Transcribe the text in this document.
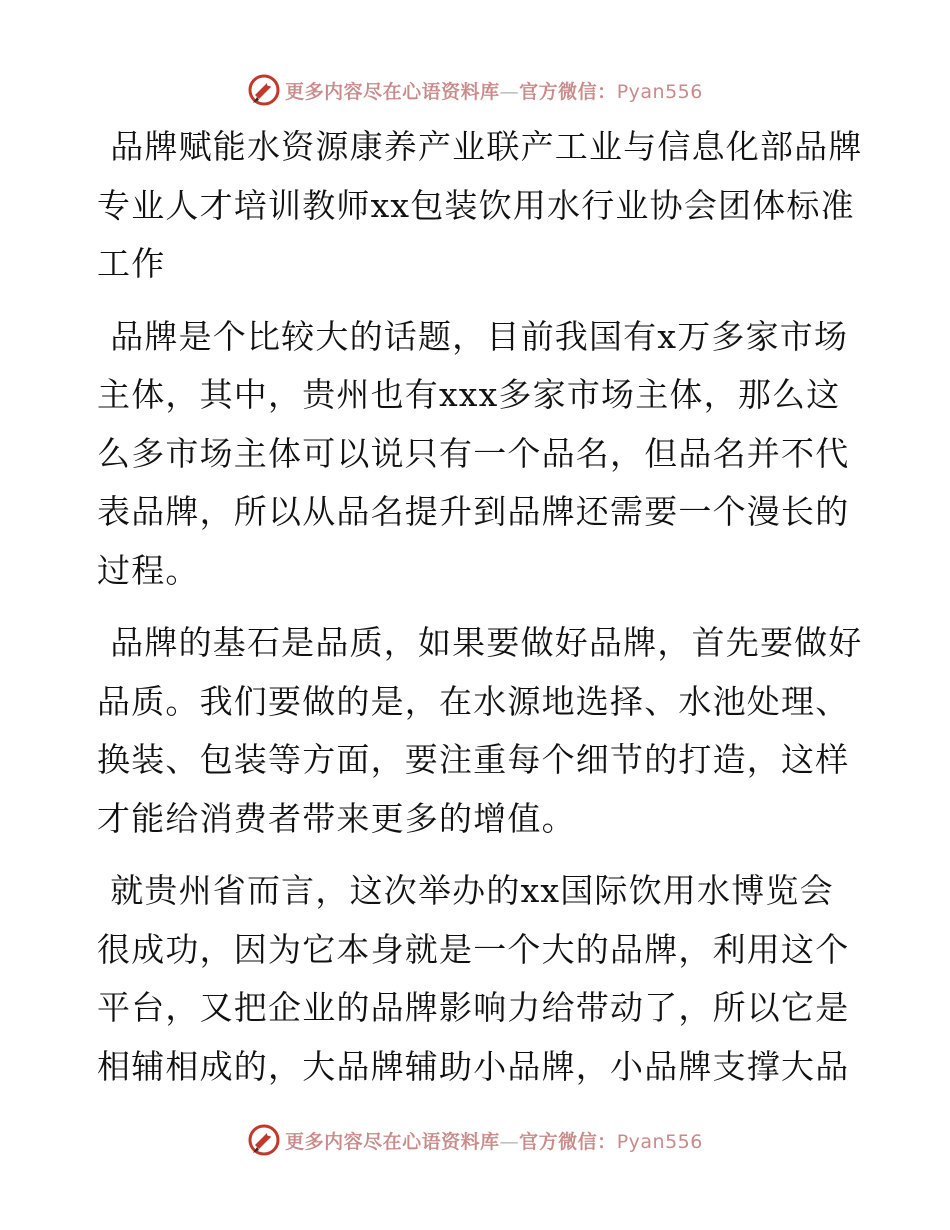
更多内容尽在心语资料库—官方微信：Pyan556

品牌赋能水资源康养产业联产工业与信息化部品牌专业人才培训教师xx包装饮用水行业协会团体标准工作

品牌是个比较大的话题，目前我国有x万多家市场主体，其中，贵州也有xxx多家市场主体，那么这么多市场主体可以说只有一个品名，但品名并不代表品牌，所以从品名提升到品牌还需要一个漫长的过程。

品牌的基石是品质，如果要做好品牌，首先要做好品质。我们要做的是，在水源地选择、水池处理、换装、包装等方面，要注重每个细节的打造，这样才能给消费者带来更多的增值。

就贵州省而言，这次举办的xx国际饮用水博览会很成功，因为它本身就是一个大的品牌，利用这个平台，又把企业的品牌影响力给带动了，所以它是相辅相成的，大品牌辅助小品牌，小品牌支撑大品

更多内容尽在心语资料库—官方微信：Pyan556
